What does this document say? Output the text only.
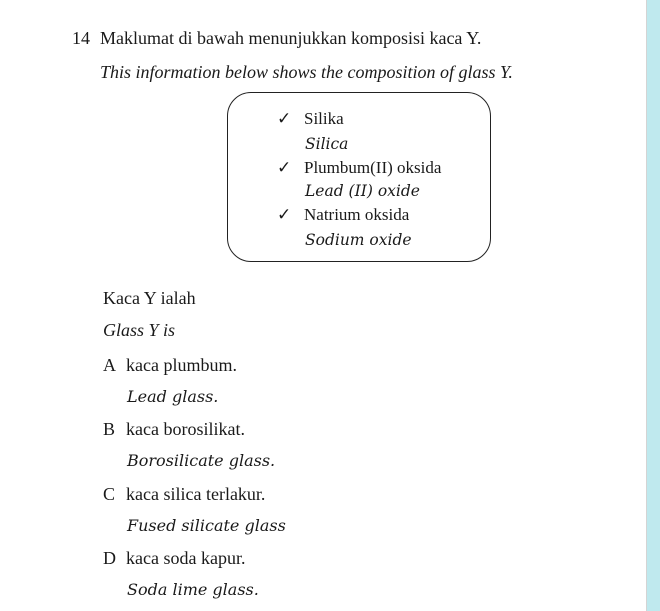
14 Maklumat di bawah menunjukkan komposisi kaca Y.
This information below shows the composition of glass Y.
✓ Silika
Silica
✓ Plumbum(II) oksida
Lead (II) oxide
✓ Natrium oksida
Sodium oxide
Kaca Y ialah
Glass Y is
A kaca plumbum.
Lead glass.
B kaca borosilikat.
Borosilicate glass.
C kaca silica terlakur.
Fused silicate glass
D kaca soda kapur.
Soda lime glass.
